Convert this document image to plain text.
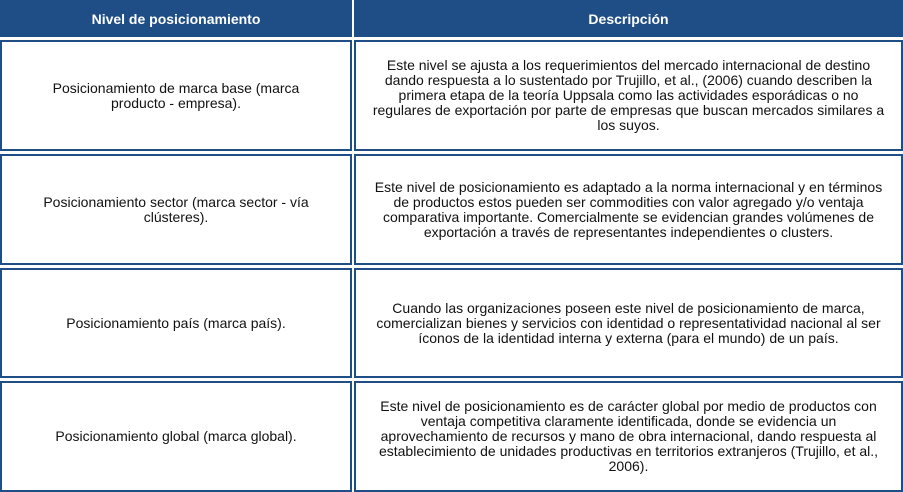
Nivel de posicionamiento	Descripción
Posicionamiento de marca base (marca producto - empresa).
Este nivel se ajusta a los requerimientos del mercado internacional de destino dando respuesta a lo sustentado por Trujillo, et al., (2006) cuando describen la primera etapa de la teoría Uppsala como las actividades esporádicas o no regulares de exportación por parte de empresas que buscan mercados similares a los suyos.
Posicionamiento sector (marca sector - vía clústeres).
Este nivel de posicionamiento es adaptado a la norma internacional y en términos de productos estos pueden ser commodities con valor agregado y/o ventaja comparativa importante. Comercialmente se evidencian grandes volúmenes de exportación a través de representantes independientes o clusters.
Posicionamiento país (marca país).
Cuando las organizaciones poseen este nivel de posicionamiento de marca, comercializan bienes y servicios con identidad o representatividad nacional al ser íconos de la identidad interna y externa (para el mundo) de un país.
Posicionamiento global (marca global).
Este nivel de posicionamiento es de carácter global por medio de productos con ventaja competitiva claramente identificada, donde se evidencia un aprovechamiento de recursos y mano de obra internacional, dando respuesta al establecimiento de unidades productivas en territorios extranjeros (Trujillo, et al., 2006).
